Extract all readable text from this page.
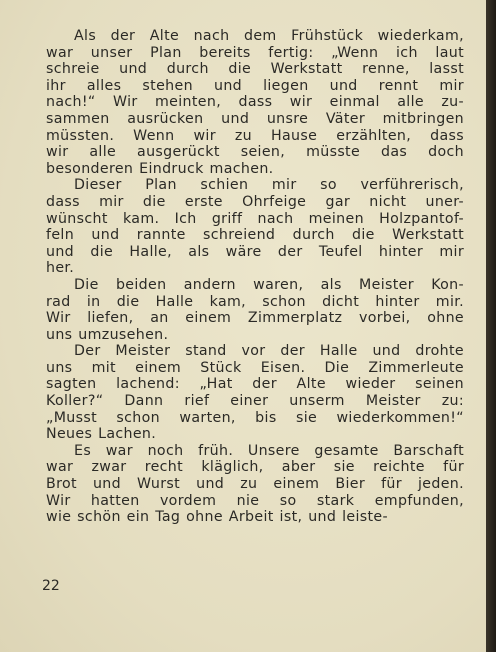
Als der Alte nach dem Frühstück wiederkam,
war unser Plan bereits fertig: „Wenn ich laut
schreie und durch die Werkstatt renne, lasst
ihr alles stehen und liegen und rennt mir
nach!“ Wir meinten, dass wir einmal alle zu-
sammen ausrücken und unsre Väter mitbringen
müssten. Wenn wir zu Hause erzählten, dass
wir alle ausgerückt seien, müsste das doch
besonderen Eindruck machen.
Dieser Plan schien mir so verführerisch,
dass mir die erste Ohrfeige gar nicht uner-
wünscht kam. Ich griff nach meinen Holzpantof-
feln und rannte schreiend durch die Werkstatt
und die Halle, als wäre der Teufel hinter mir
her.
Die beiden andern waren, als Meister Kon-
rad in die Halle kam, schon dicht hinter mir.
Wir liefen, an einem Zimmerplatz vorbei, ohne
uns umzusehen.
Der Meister stand vor der Halle und drohte
uns mit einem Stück Eisen. Die Zimmerleute
sagten lachend: „Hat der Alte wieder seinen
Koller?“ Dann rief einer unserm Meister zu:
„Musst schon warten, bis sie wiederkommen!“
Neues Lachen.
Es war noch früh. Unsere gesamte Barschaft
war zwar recht kläglich, aber sie reichte für
Brot und Wurst und zu einem Bier für jeden.
Wir hatten vordem nie so stark empfunden,
wie schön ein Tag ohne Arbeit ist, und leiste-
22
